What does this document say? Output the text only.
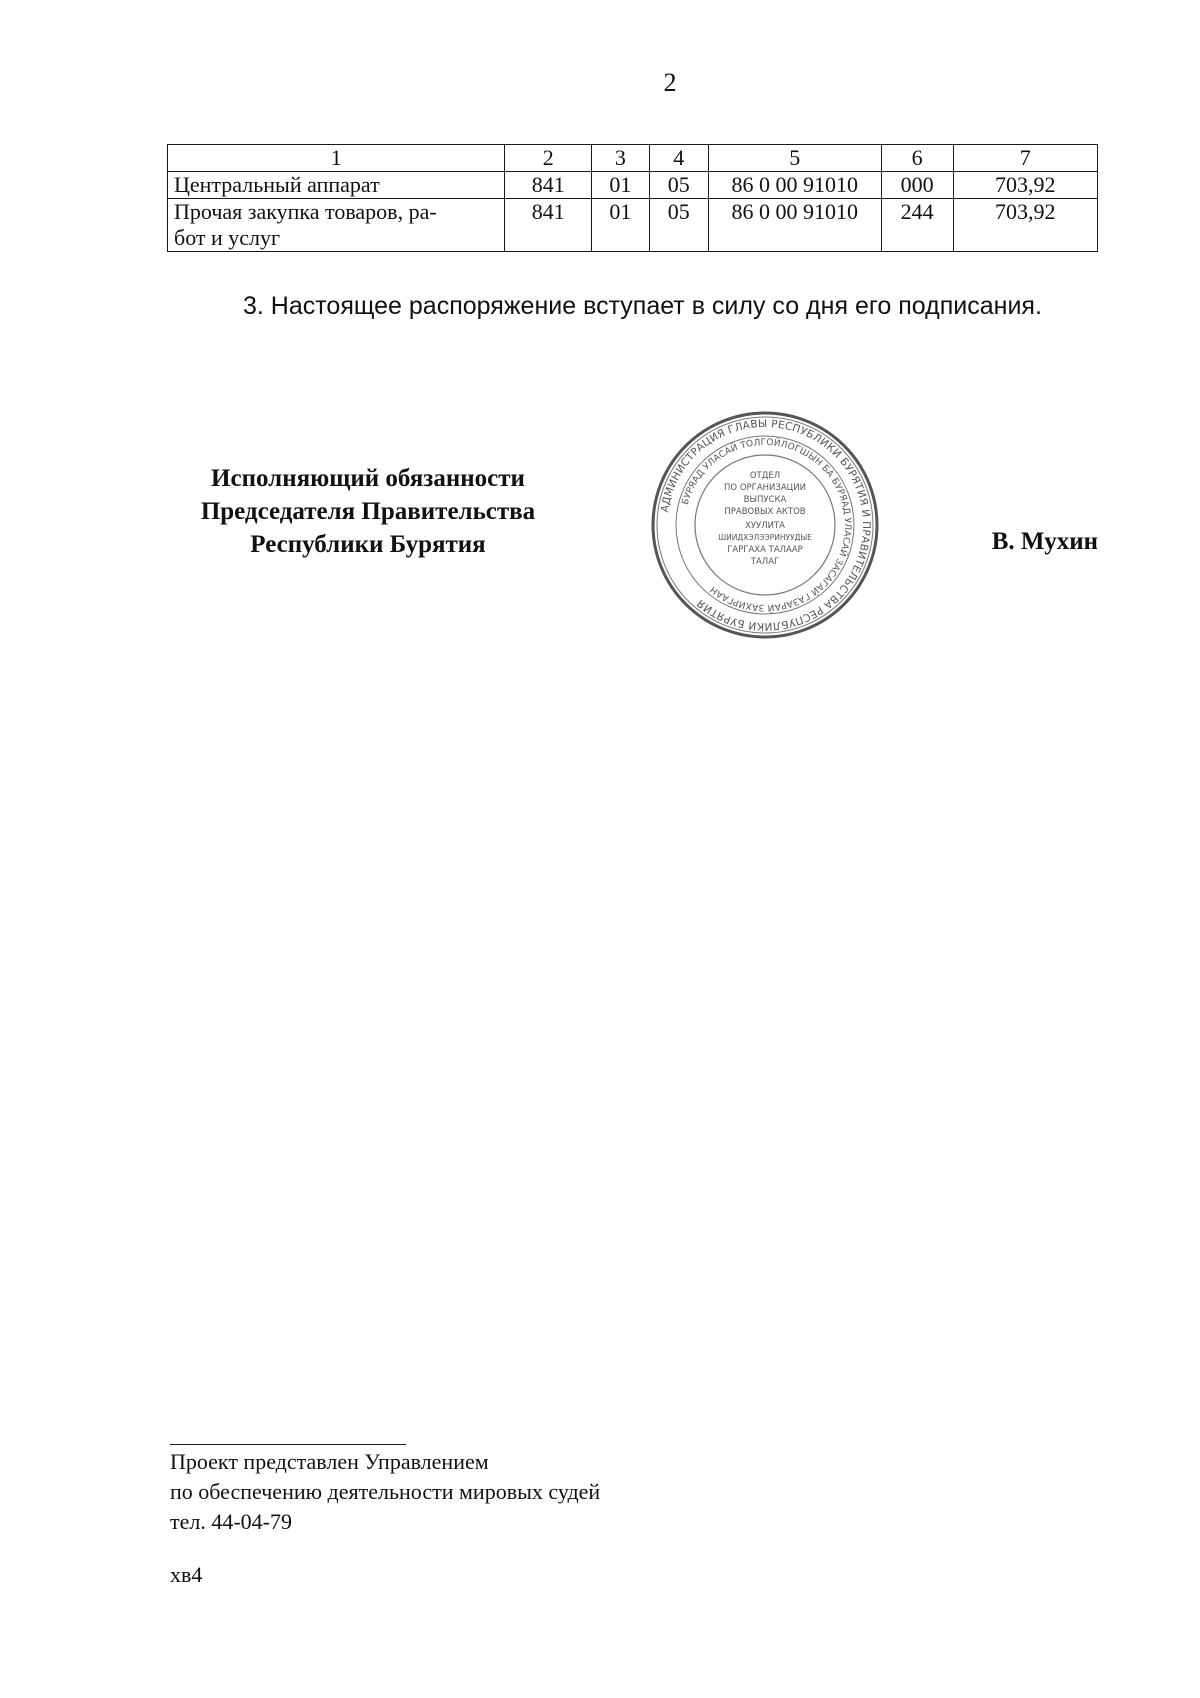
2
1	2	3	4	5	6	7
Центральный аппарат	841	01	05	86 0 00 91010	000	703,92

Прочая закупка товаров, ра-
бот и услуг	841	01	05	86 0 00 91010	244	703,92
3. Настоящее распоряжение вступает в силу со дня его подписания.
Исполняющий обязанности
Председателя Правительства
Республики Бурятия
АДМИНИСТРАЦИЯ ГЛАВЫ РЕСПУБЛИКИ БУРЯТИЯ И ПРАВИТЕЛЬСТВА РЕСПУБЛИКИ БУРЯТИЯ
БУРЯАД УЛАСАЙ ТОЛГОЙЛОГШЫН БА БУРЯАД УЛАСАЙ ЗАСАГАЙ ГАЗАРАЙ ЗАХИРГААН
ОТДЕЛ
ПО ОРГАНИЗАЦИИ
ВЫПУСКА
ПРАВОВЫХ АКТОВ
ХУУЛИТА
ШИИДХЭЛЭЭРИНУУДЫЕ
ГАРГАХА ТАЛААР
ТАЛАГ
В. Мухин
Проект представлен Управлением
по обеспечению деятельности мировых судей
тел. 44-04-79
хв4
